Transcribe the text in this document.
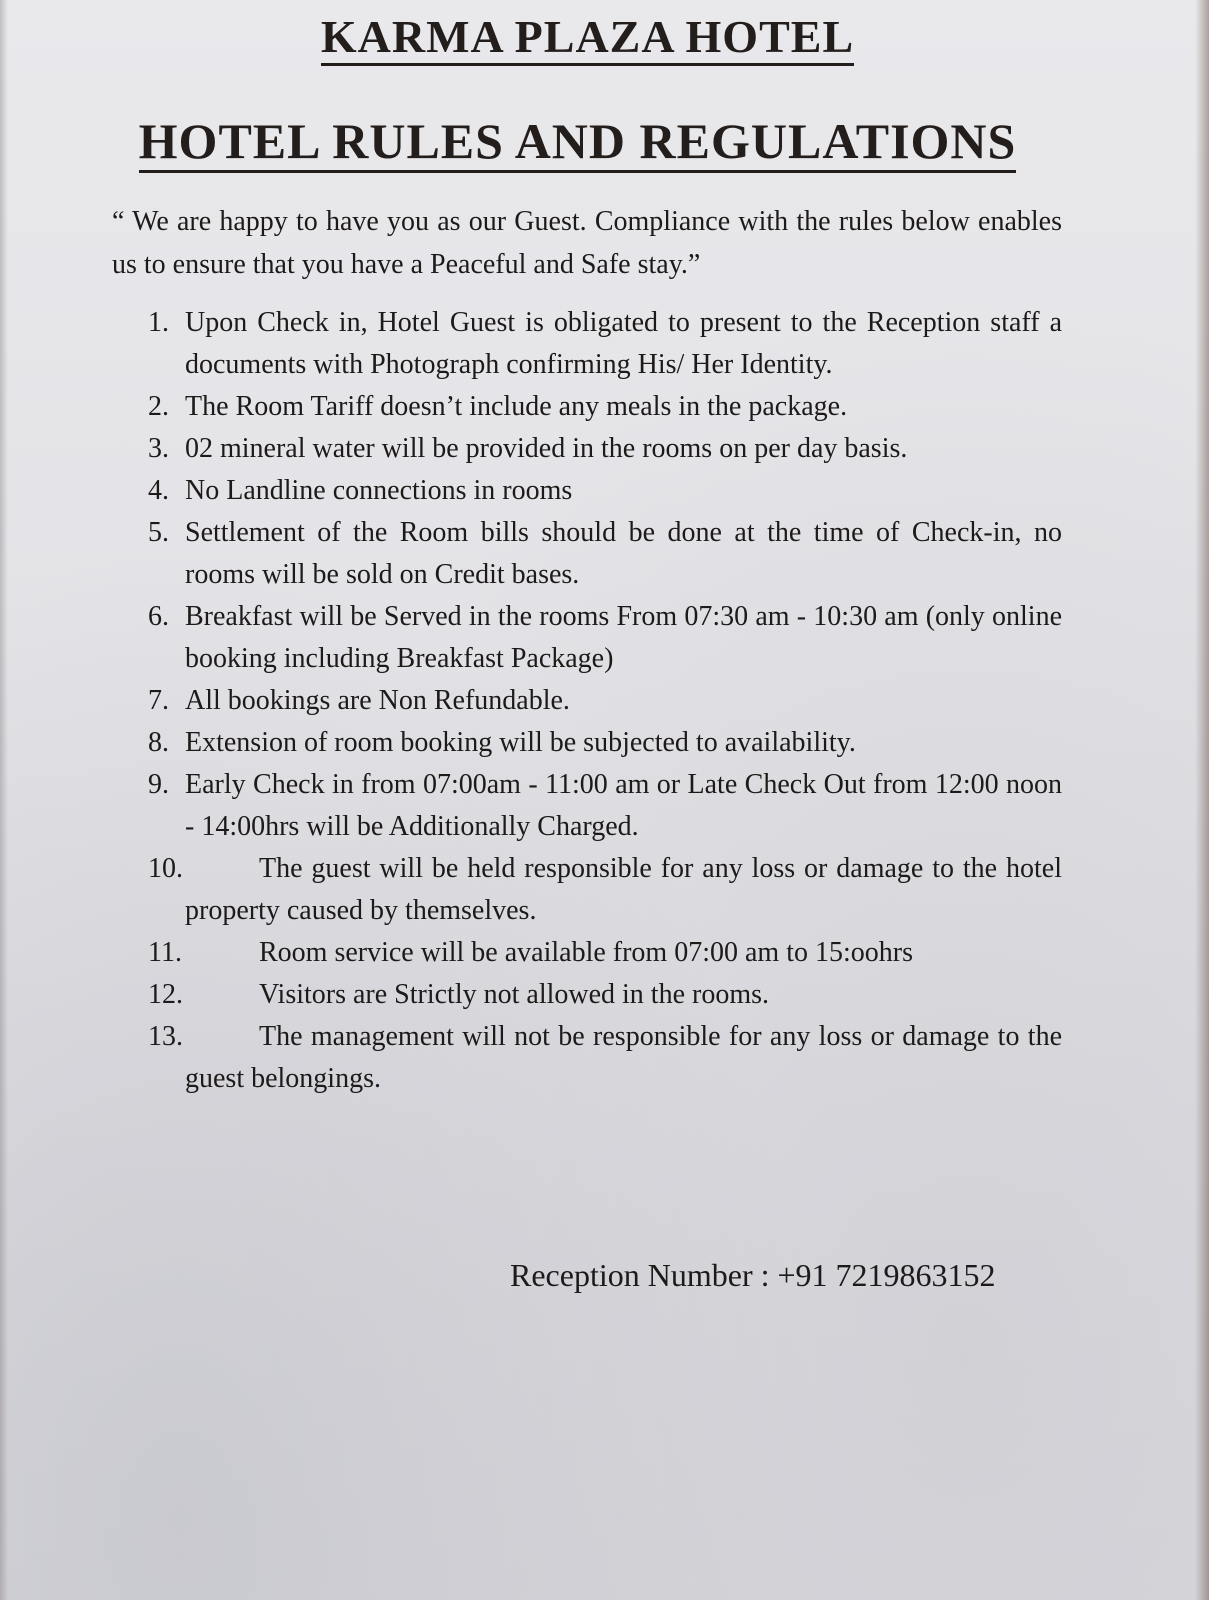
KARMA PLAZA HOTEL
HOTEL RULES AND REGULATIONS

“ We are happy to have you as our Guest. Compliance with the rules below enables us to ensure that you have a Peaceful and Safe stay.”

1. Upon Check in, Hotel Guest is obligated to present to the Reception staff a documents with Photograph confirming His/ Her Identity.
2. The Room Tariff doesn’t include any meals in the package.
3. 02 mineral water will be provided in the rooms on per day basis.
4. No Landline connections in rooms
5. Settlement of the Room bills should be done at the time of Check-in, no rooms will be sold on Credit bases.
6. Breakfast will be Served in the rooms From 07:30 am - 10:30 am (only online booking including Breakfast Package)
7. All bookings are Non Refundable.
8. Extension of room booking will be subjected to availability.
9. Early Check in from 07:00am - 11:00 am or Late Check Out from 12:00 noon - 14:00hrs will be Additionally Charged.
10.	The guest will be held responsible for any loss or damage to the hotel property caused by themselves.
11.	Room service will be available from 07:00 am to 15:oohrs
12.	Visitors are Strictly not allowed in the rooms.
13.	The management will not be responsible for any loss or damage to the guest belongings.
Reception Number : +91 7219863152
